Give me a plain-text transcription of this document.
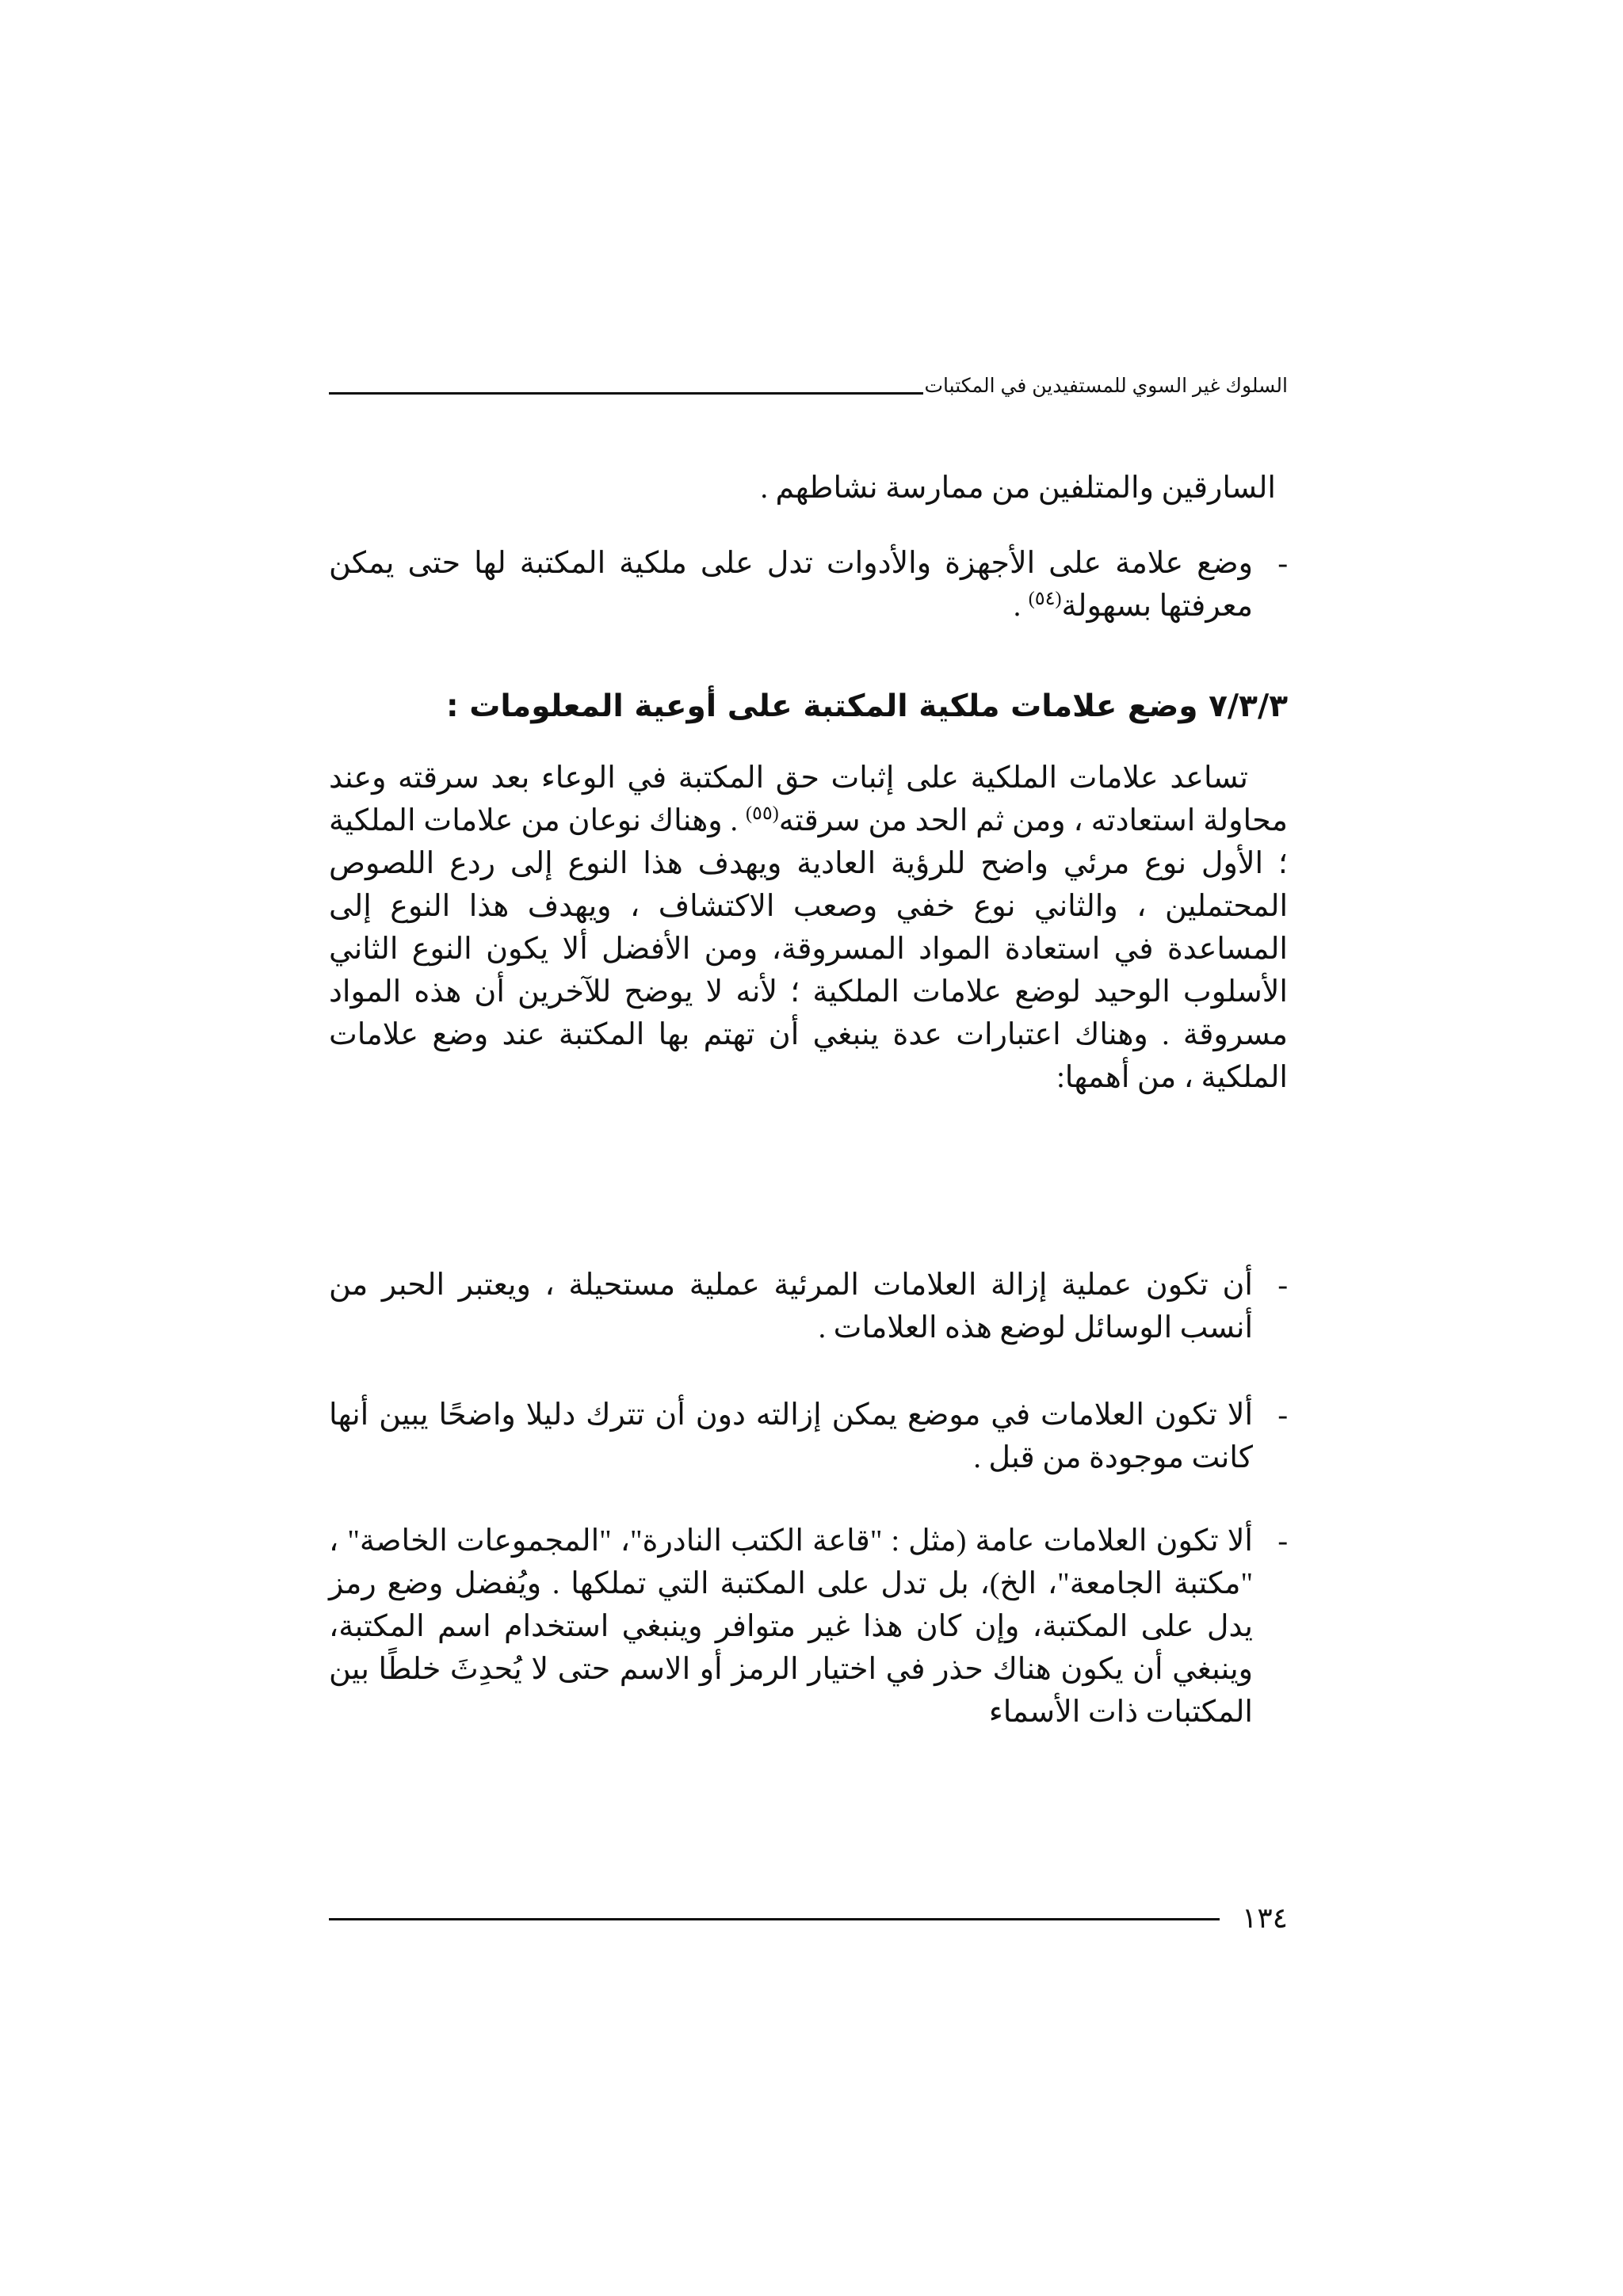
السلوك غير السوي للمستفيدين في المكتبات
السارقين والمتلفين من ممارسة نشاطهم .
-
وضع علامة على الأجهزة والأدوات تدل على ملكية المكتبة لها حتى يمكن معرفتها بسهولة$^{(٥٤)}$ .
٧/٣/٣ وضع علامات ملكية المكتبة على أوعية المعلومات :
تساعد علامات الملكية على إثبات حق المكتبة في الوعاء بعد سرقته وعند محاولة استعادته ، ومن ثم الحد من سرقته$^{(٥٥)}$ . وهناك نوعان من علامات الملكية ؛ الأول نوع مرئي واضح للرؤية العادية ويهدف هذا النوع إلى ردع اللصوص المحتملين ، والثاني نوع خفي وصعب الاكتشاف ، ويهدف هذا النوع إلى المساعدة في استعادة المواد المسروقة، ومن الأفضل ألا يكون النوع الثاني الأسلوب الوحيد لوضع علامات الملكية ؛ لأنه لا يوضح للآخرين أن هذه المواد مسروقة . وهناك اعتبارات عدة ينبغي أن تهتم بها المكتبة عند وضع علامات الملكية ، من أهمها:
-
أن تكون عملية إزالة العلامات المرئية عملية مستحيلة ، ويعتبر الحبر من أنسب الوسائل لوضع هذه العلامات .
-
ألا تكون العلامات في موضع يمكن إزالته دون أن تترك دليلا واضحًا يبين أنها كانت موجودة من قبل .
-
ألا تكون العلامات عامة (مثل : "قاعة الكتب النادرة"، "المجموعات الخاصة" ، "مكتبة الجامعة"، الخ)، بل تدل على المكتبة التي تملكها . ويُفضل وضع رمز يدل على المكتبة، وإن كان هذا غير متوافر وينبغي استخدام اسم المكتبة، وينبغي أن يكون هناك حذر في اختيار الرمز أو الاسم حتى لا يُحدِثَ خلطًا بين المكتبات ذات الأسماء
١٣٤
